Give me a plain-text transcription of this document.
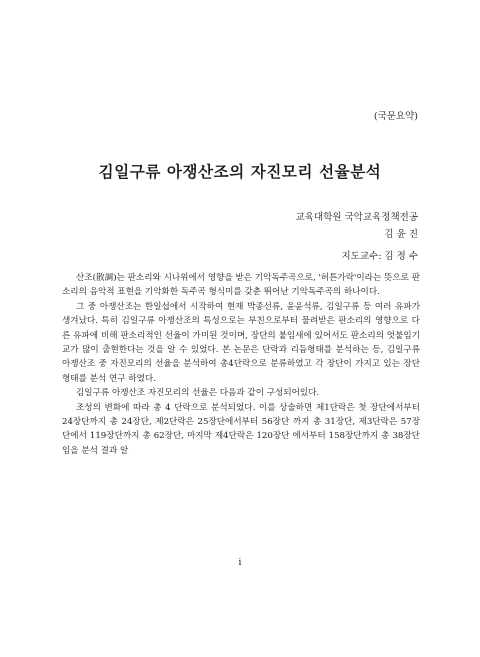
(국문요약)
김일구류 아쟁산조의 자진모리 선율분석
교육대학원 국악교육정책전공
김 윤 진
지도교수: 김 정 수

산조(散調)는 판소리와 시나위에서 영향을 받은 기악독주곡으로, '허튼가락'이라는 뜻으로 판소리의 음악적 표현을 기악화한 독주곡 형식미를 갖춘 뛰어난 기악독주곡의 하나이다.

그 중 아쟁산조는 한일섭에서 시작하여 현재 박종선류, 윤윤석류, 김일구류 등 여러 유파가 생겨났다. 특히 김일구류 아쟁산조의 특성으로는 부친으로부터 물려받은 판소리의 영향으로 다른 유파에 비해 판소리적인 선율이 가미된 것이며, 장단의 붙임새에 있어서도 판소리의 엇붙임기교가 많이 출현한다는 것을 알 수 있었다. 본 논문은 단락과 리듬형태를 분석하는 등, 김일구류 아쟁산조 중 자진모리의 선율을 분석하여 총4단락으로 분류하였고 각 장단이 가지고 있는 장단 형태를 분석 연구 하였다.

김일구류 아쟁산조 자진모리의 선율은 다음과 같이 구성되어있다.

조성의 변화에 따라 총 4 단락으로 분석되었다. 이를 상술하면 제1단락은 첫 장단에서부터 24장단까지 총 24장단, 제2단락은 25장단에서부터 56장단 까지 총 31장단, 제3단락은 57장단에서 119장단까지 총 62장단, 마지막 제4단락은 120장단 에서부터 158장단까지 총 38장단임을 분석 결과 알

i
